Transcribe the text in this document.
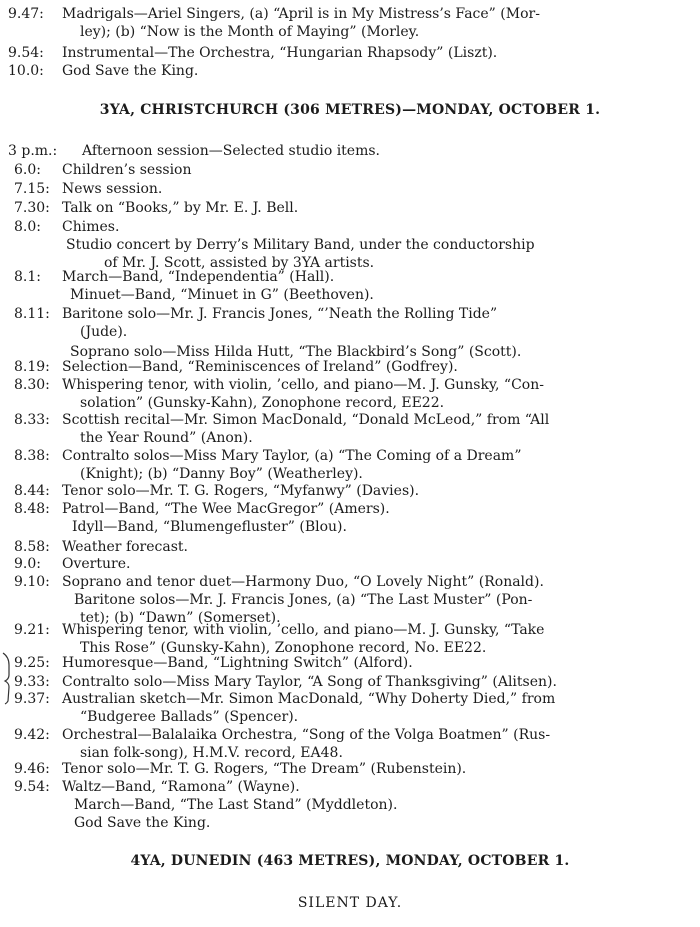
9.47: Madrigals—Ariel Singers, (a) “April is in My Mistress’s Face” (Mor-
ley); (b) “Now is the Month of Maying” (Morley.
9.54: Instrumental—The Orchestra, “Hungarian Rhapsody” (Liszt).
10.0: God Save the King.
3YA, CHRISTCHURCH (306 METRES)—MONDAY, OCTOBER 1.
3 p.m.: Afternoon session—Selected studio items.
6.0: Children’s session
7.15: News session.
7.30: Talk on “Books,” by Mr. E. J. Bell.
8.0: Chimes.
Studio concert by Derry’s Military Band, under the conductorship
of Mr. J. Scott, assisted by 3YA artists.
8.1: March—Band, “Independentia” (Hall).
Minuet—Band, “Minuet in G” (Beethoven).
8.11: Baritone solo—Mr. J. Francis Jones, “’Neath the Rolling Tide”
(Jude).
Soprano solo—Miss Hilda Hutt, “The Blackbird’s Song” (Scott).
8.19: Selection—Band, “Reminiscences of Ireland” (Godfrey).
8.30: Whispering tenor, with violin, ’cello, and piano—M. J. Gunsky, “Con-
solation” (Gunsky-Kahn), Zonophone record, EE22.
8.33: Scottish recital—Mr. Simon MacDonald, “Donald McLeod,” from “All
the Year Round” (Anon).
8.38: Contralto solos—Miss Mary Taylor, (a) “The Coming of a Dream”
(Knight); (b) “Danny Boy” (Weatherley).
8.44: Tenor solo—Mr. T. G. Rogers, “Myfanwy” (Davies).
8.48: Patrol—Band, “The Wee MacGregor” (Amers).
Idyll—Band, “Blumengefluster” (Blou).
8.58: Weather forecast.
9.0: Overture.
9.10: Soprano and tenor duet—Harmony Duo, “O Lovely Night” (Ronald).
Baritone solos—Mr. J. Francis Jones, (a) “The Last Muster” (Pon-
tet); (b) “Dawn” (Somerset).
9.21: Whispering tenor, with violin, ’cello, and piano—M. J. Gunsky, “Take
This Rose” (Gunsky-Kahn), Zonophone record, No. EE22.
9.25: Humoresque—Band, “Lightning Switch” (Alford).
9.33: Contralto solo—Miss Mary Taylor, “A Song of Thanksgiving” (Alitsen).
9.37: Australian sketch—Mr. Simon MacDonald, “Why Doherty Died,” from
“Budgeree Ballads” (Spencer).
9.42: Orchestral—Balalaika Orchestra, “Song of the Volga Boatmen” (Rus-
sian folk-song), H.M.V. record, EA48.
9.46: Tenor solo—Mr. T. G. Rogers, “The Dream” (Rubenstein).
9.54: Waltz—Band, “Ramona” (Wayne).
March—Band, “The Last Stand” (Myddleton).
God Save the King.
4YA, DUNEDIN (463 METRES), MONDAY, OCTOBER 1.
SILENT DAY.
